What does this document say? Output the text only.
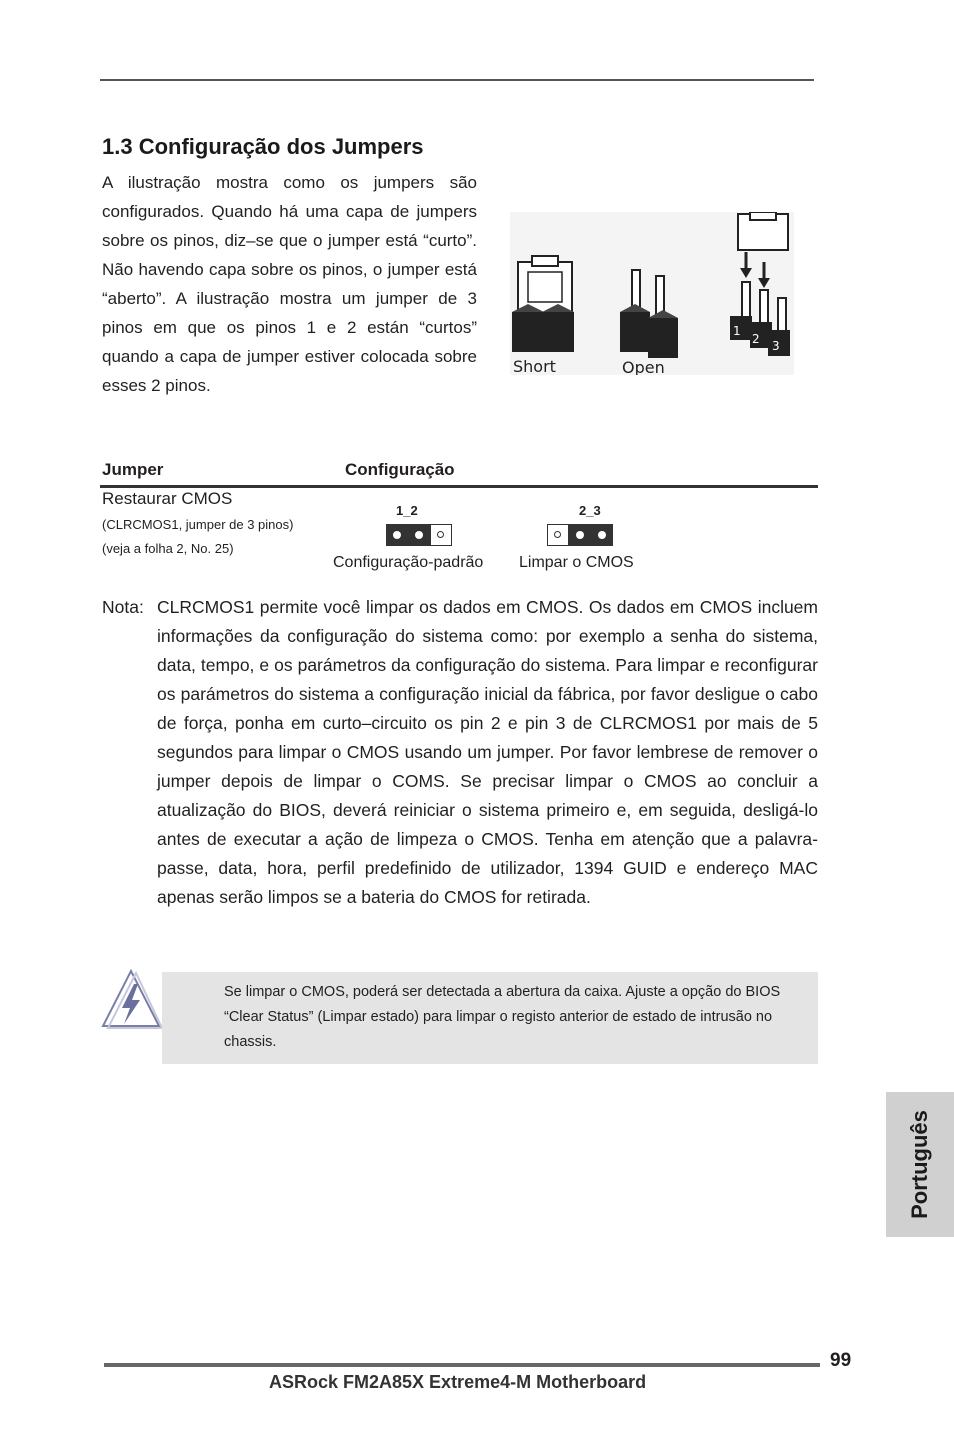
1.3 Configuração dos Jumpers

A ilustração mostra como os jumpers são configurados. Quando há uma capa de jumpers sobre os pinos, diz–se que o jumper está “curto”. Não havendo capa sobre os pinos, o jumper está “aberto”. A ilustração mostra um jumper de 3 pinos em que os pinos 1 e 2 están “curtos” quando a capa de jumper estiver colocada sobre esses 2 pinos.

Short	Open
1
2 3
Jumper	Configuração
Restaurar CMOS
(CLRCMOS1, jumper de 3 pinos)
(veja a folha 2, No. 25)
1_2
Configuração-padrão
2_3
Limpar o CMOS
Nota: CLRCMOS1 permite você limpar os dados em CMOS. Os dados em CMOS incluem informações da configuração do sistema como: por exemplo a senha do sistema, data, tempo, e os parámetros da configuração do sistema. Para limpar e reconfigurar os parámetros do sistema a configuração inicial da fábrica, por favor desligue o cabo de força, ponha em curto–circuito os pin 2 e pin 3 de CLRCMOS1 por mais de 5 segundos para limpar o CMOS usando um jumper. Por favor lembrese de remover o jumper depois de limpar o COMS. Se precisar limpar o CMOS ao concluir a atualização do BIOS, deverá reiniciar o sistema primeiro e, em seguida, desligá-lo antes de executar a ação de limpeza o CMOS. Tenha em atenção que a palavra-passe, data, hora, perfil predefinido de utilizador, 1394 GUID e endereço MAC apenas serão limpos se a bateria do CMOS for retirada.
Se limpar o CMOS, poderá ser detectada a abertura da caixa. Ajuste a opção do BIOS “Clear Status” (Limpar estado) para limpar o registo anterior de estado de intrusão no chassis.
Português
99
ASRock FM2A85X Extreme4-M Motherboard
